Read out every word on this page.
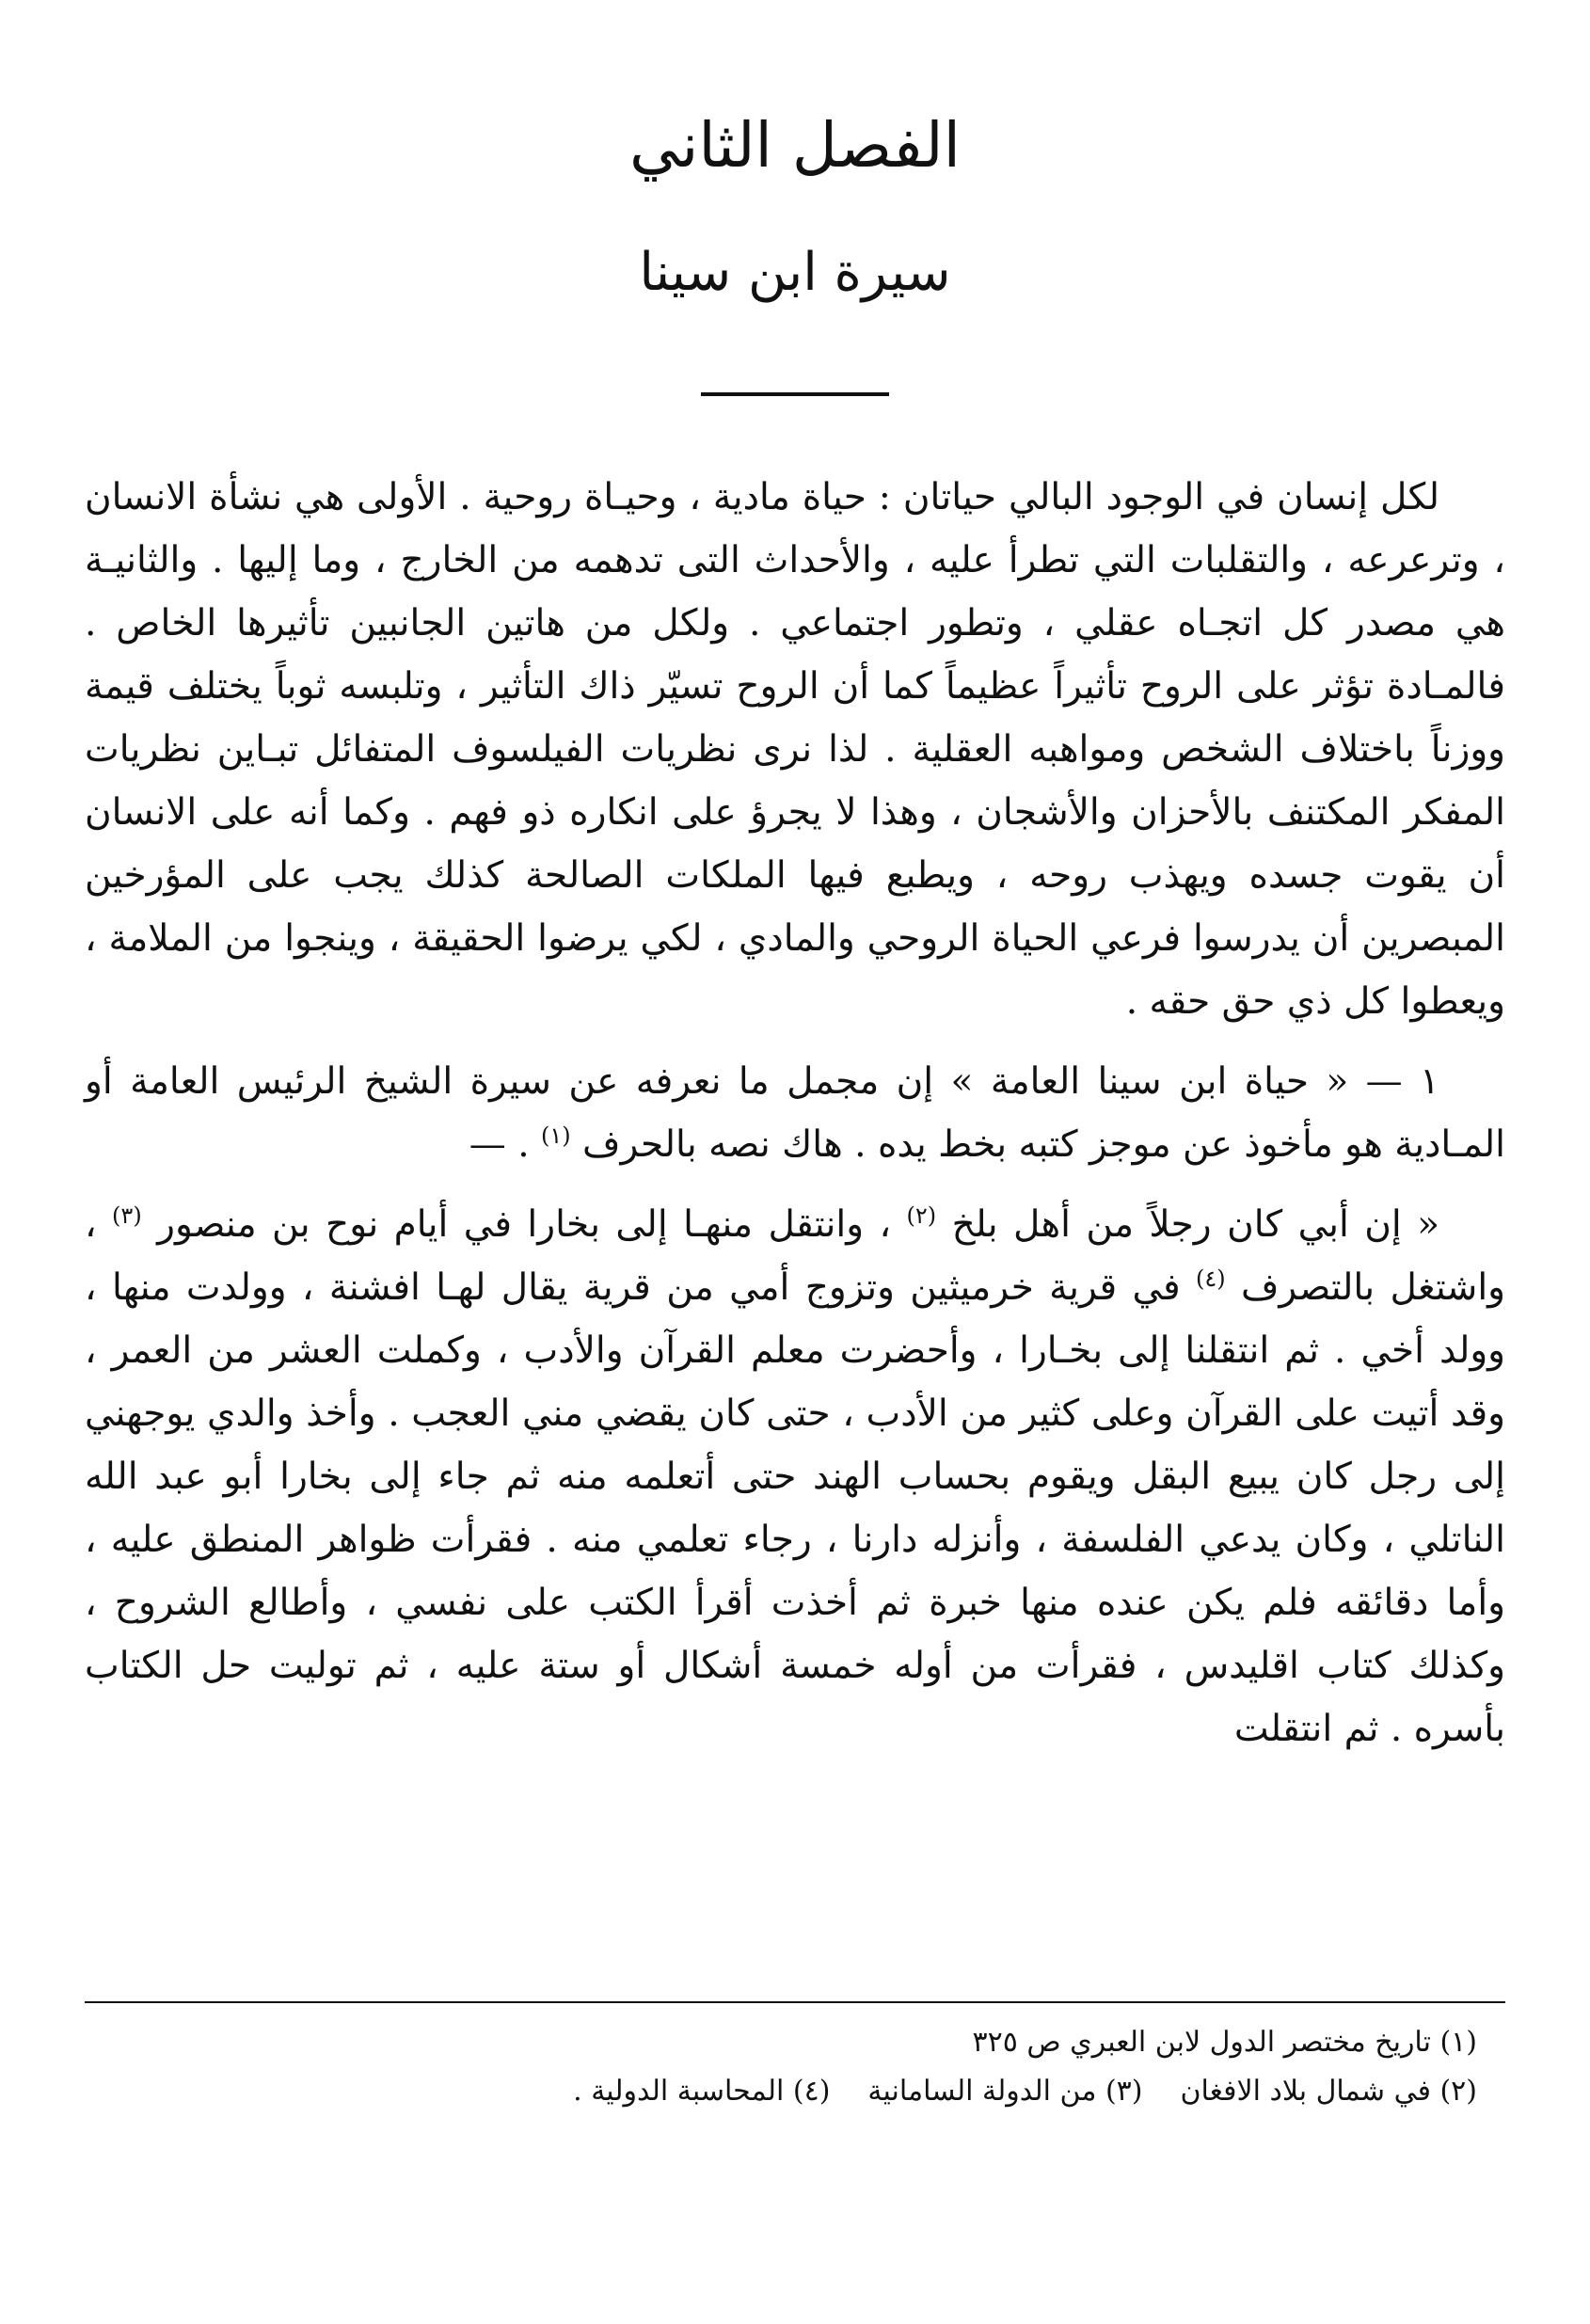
الفصل الثاني
سيرة ابن سينا

لكل إنسان في الوجود البالي حياتان : حياة مادية ، وحيـاة روحية . الأولى هي نشأة الانسان ، وترعرعه ، والتقلبات التي تطرأ عليه ، والأحداث التى تدهمه من الخارج ، وما إليها . والثانيـة هي مصدر كل اتجـاه عقلي ، وتطور اجتماعي . ولكل من هاتين الجانبين تأثيرها الخاص . فالمـادة تؤثر على الروح تأثيراً عظيماً كما أن الروح تسيّر ذاك التأثير ، وتلبسه ثوباً يختلف قيمة ووزناً باختلاف الشخص ومواهبه العقلية . لذا نرى نظريات الفيلسوف المتفائل تبـاين نظريات المفكر المكتنف بالأحزان والأشجان ، وهذا لا يجرؤ على انكاره ذو فهم . وكما أنه على الانسان أن يقوت جسده ويهذب روحه ، ويطبع فيها الملكات الصالحة كذلك يجب على المؤرخين المبصرين أن يدرسوا فرعي الحياة الروحي والمادي ، لكي يرضوا الحقيقة ، وينجوا من الملامة ، ويعطوا كل ذي حق حقه .

١ — « حياة ابن سينا العامة » إن مجمل ما نعرفه عن سيرة الشيخ الرئيس العامة أو المـادية هو مأخوذ عن موجز كتبه بخط يده . هاك نصه بالحرف $^{(١)}$ . —

« إن أبي كان رجلاً من أهل بلخ $^{(٢)}$ ، وانتقل منهـا إلى بخارا في أيام نوح بن منصور $^{(٣)}$ ، واشتغل بالتصرف $^{(٤)}$ في قرية خرميثين وتزوج أمي من قرية يقال لهـا افشنة ، وولدت منها ، وولد أخي . ثم انتقلنا إلى بخـارا ، وأحضرت معلم القرآن والأدب ، وكملت العشر من العمر ، وقد أتيت على القرآن وعلى كثير من الأدب ، حتى كان يقضي مني العجب . وأخذ والدي يوجهني إلى رجل كان يبيع البقل ويقوم بحساب الهند حتى أتعلمه منه ثم جاء إلى بخارا أبو عبد الله الناتلي ، وكان يدعي الفلسفة ، وأنزله دارنا ، رجاء تعلمي منه . فقرأت ظواهر المنطق عليه ، وأما دقائقه فلم يكن عنده منها خبرة ثم أخذت أقرأ الكتب على نفسي ، وأطالع الشروح ، وكذلك كتاب اقليدس ، فقرأت من أوله خمسة أشكال أو ستة عليه ، ثم توليت حل الكتاب بأسره . ثم انتقلت

(١) تاريخ مختصر الدول لابن العبري ص ٣٢٥

(٢) في شمال بلاد الافغان(٣) من الدولة السامانية(٤) المحاسبة الدولية .
